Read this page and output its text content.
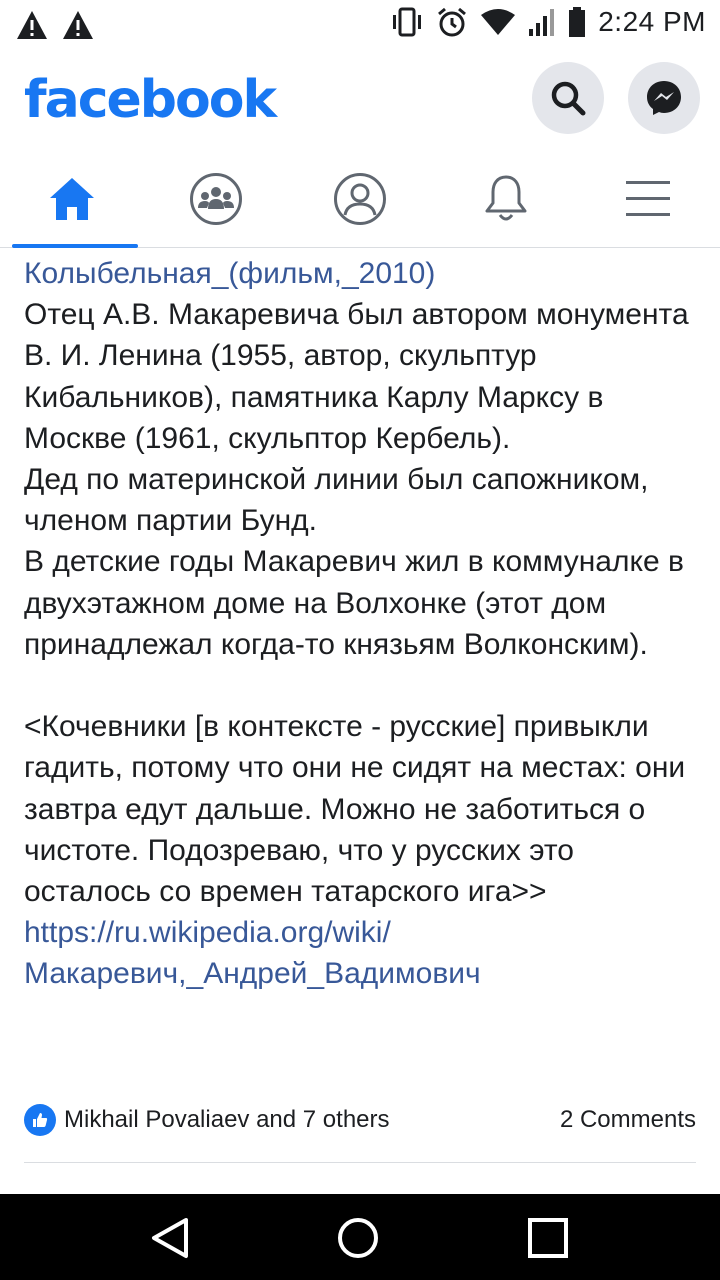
2:24 PM
facebook
Колыбельная_(фильм,_2010)
Отец А.В. Макаревича был автором монумента В. И. Ленина (1955, автор, скульптур Кибальников), памятника Карлу Марксу в Москве (1961, скульптор Кербель).
Дед по материнской линии был сапожником, членом партии Бунд.
В детские годы Макаревич жил в коммуналке в двухэтажном доме на Волхонке (этот дом принадлежал когда-то князьям Волконским).

<Кочевники [в контексте - русские] привыкли гадить, потому что они не сидят на местах: они завтра едут дальше. Можно не заботиться о чистоте. Подозреваю, что у русских это осталось со времен татарского ига>> https://ru.wikipedia.org/wiki/Макаревич,_Андрей_Вадимович
Mikhail Povaliaev and 7 others	2 Comments
